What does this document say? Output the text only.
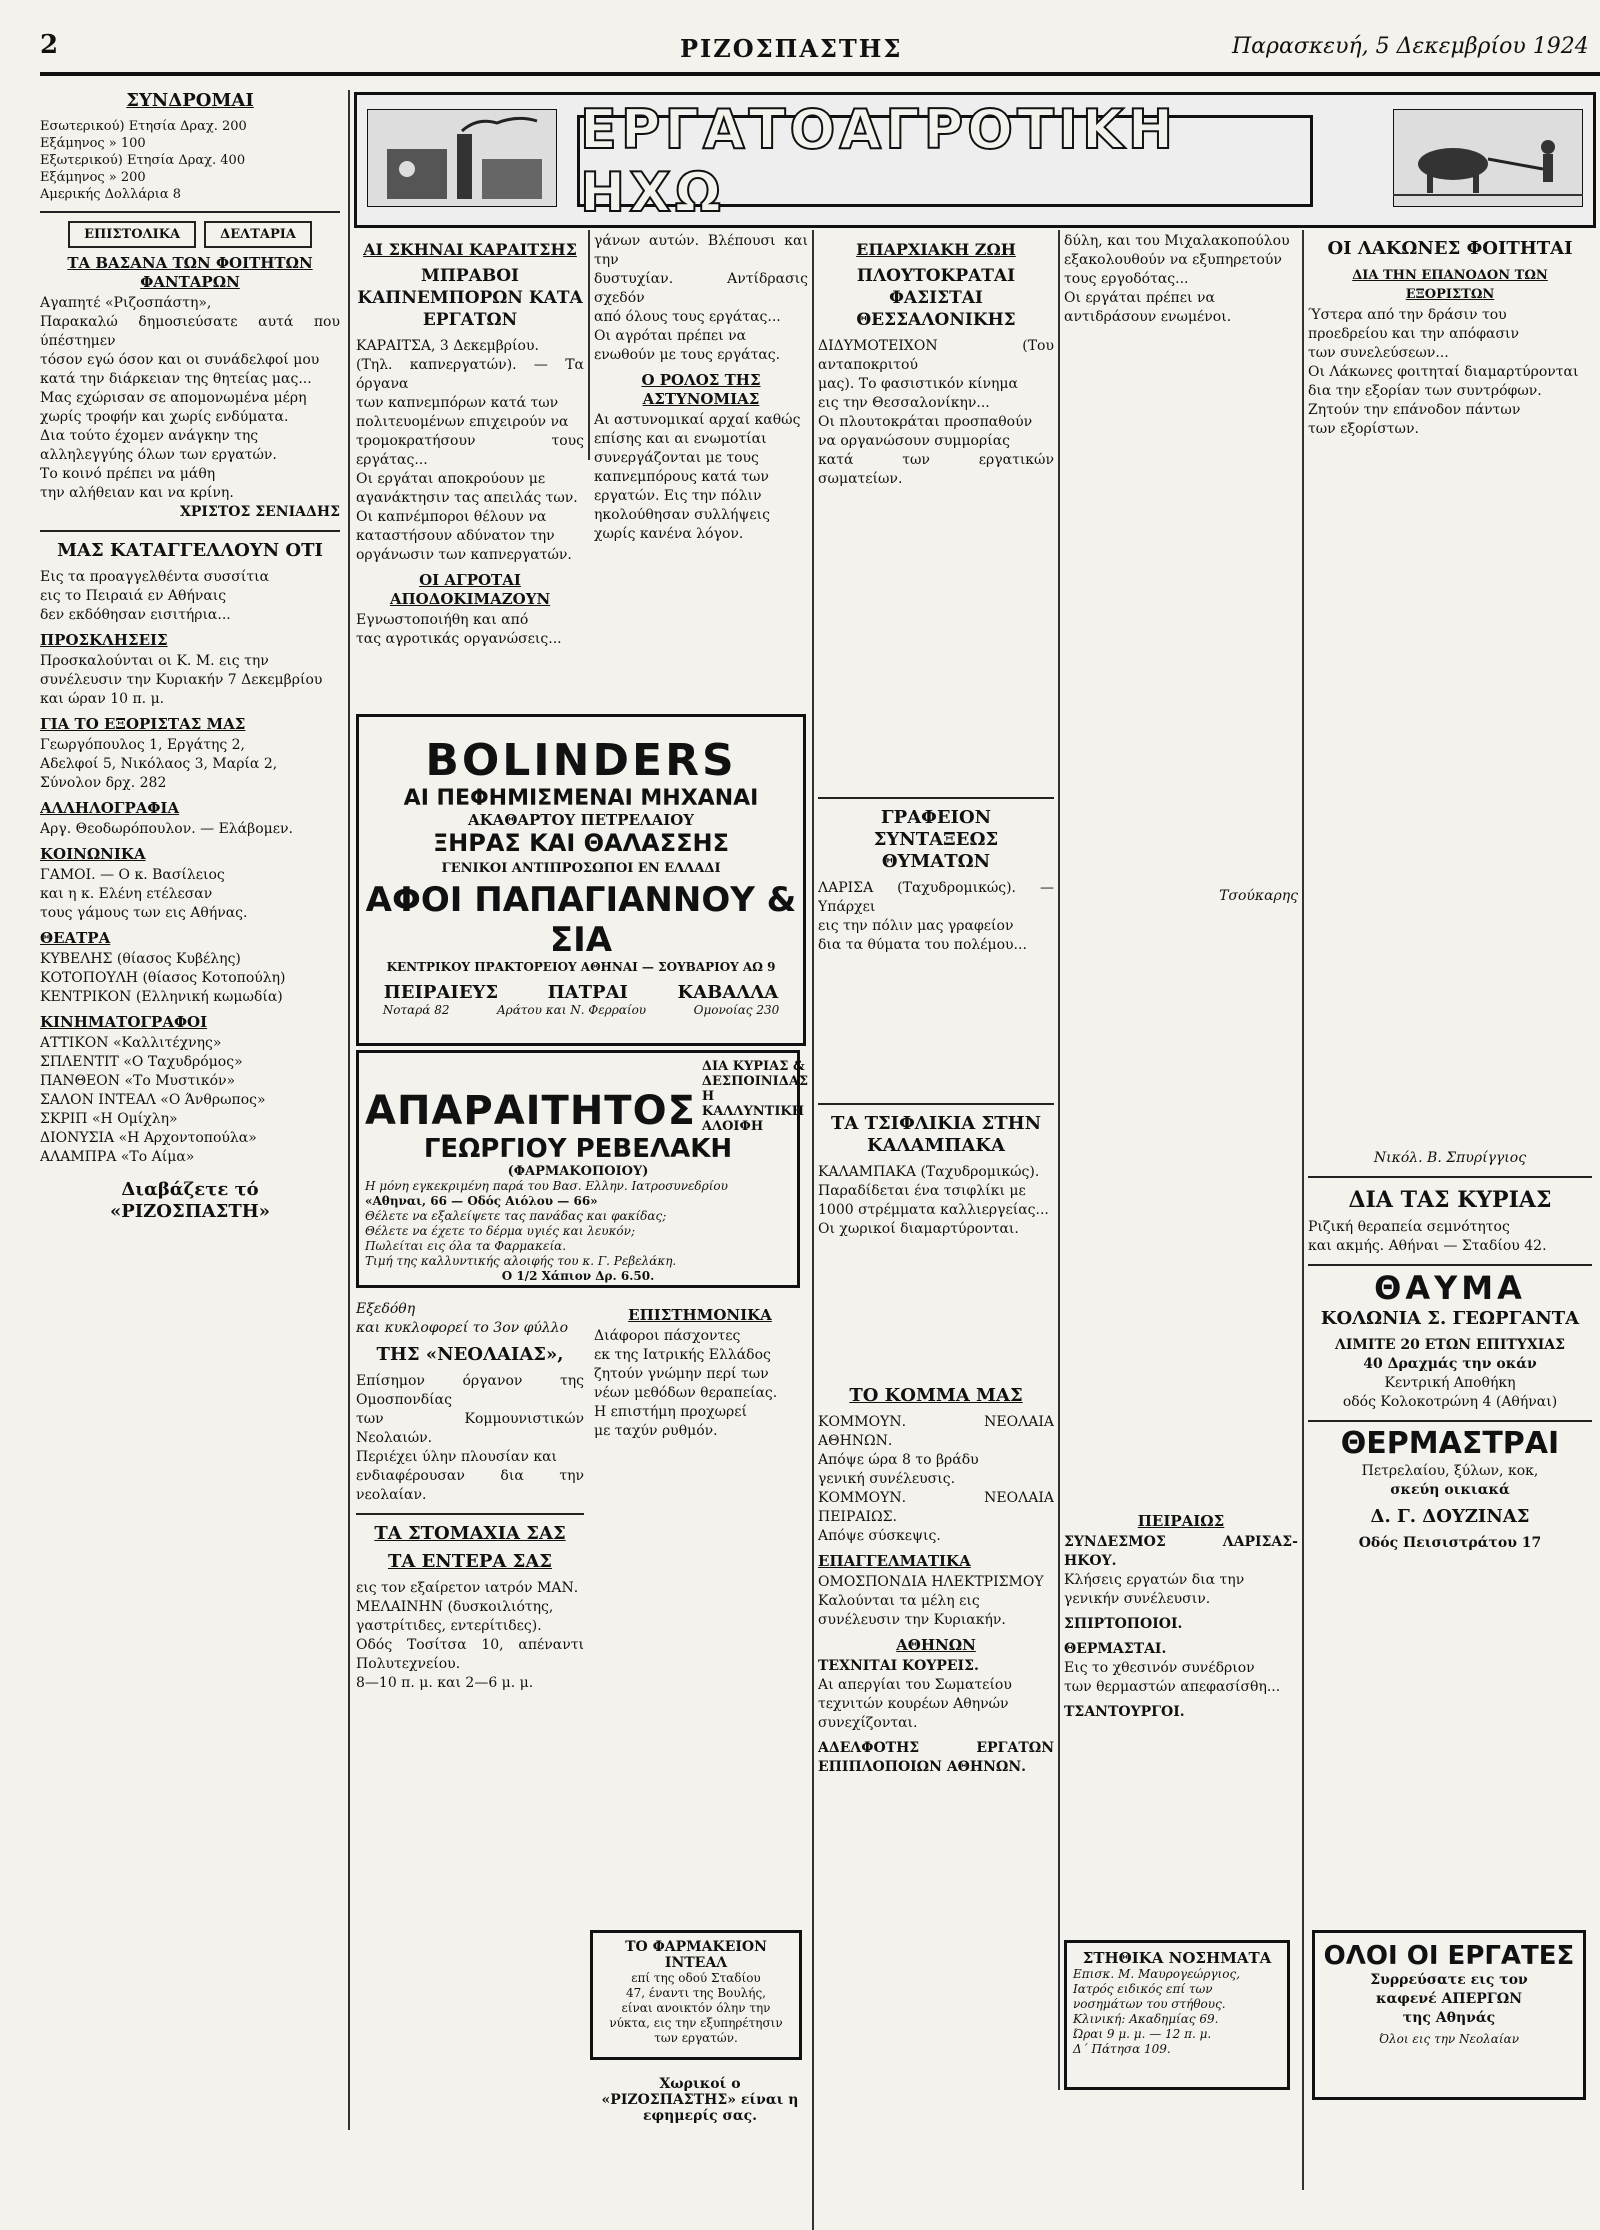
2	ΡΙΖΟΣΠΑΣΤΗΣ	Παρασκευή, 5 Δεκεμβρίου 1924
ΕΡΓΑΤΟΑΓΡΟΤΙΚΗ ΗΧΩ
ΣΥΝΔΡΟΜΑΙ
Εσωτερικού) Ετησία Δραχ. 200
Εξάμηνος » 100
Εξωτερικού) Ετησία Δραχ. 400
Εξάμηνος » 200
Αμερικής Δολλάρια 8
ΕΠΙΣΤΟΛΙΚΑ	ΔΕΛΤΑΡΙΑ
ΤΑ ΒΑΣΑΝΑ ΤΩΝ ΦΟΙΤΗΤΩΝ ΦΑΝΤΑΡΩΝ
Αγαπητέ «Ριζοσπάστη»,
Παρακαλώ δημοσιεύσατε αυτά που ύπέστημεν
τόσον εγώ όσον και οι συνάδελφοί μου
κατά την διάρκειαν της θητείας μας...
Μας εχώρισαν σε απομονωμένα μέρη
χωρίς τροφήν και χωρίς ενδύματα.
Δια τούτο έχομεν ανάγκην της
αλληλεγγύης όλων των εργατών.
Το κοινό πρέπει να μάθη
την αλήθειαν και να κρίνη.
ΧΡΙΣΤΟΣ ΣΕΝΙΑΔΗΣ
ΜΑΣ ΚΑΤΑΓΓΕΛΛΟΥΝ ΟΤΙ
Εις τα προαγγελθέντα συσσίτια
εις το Πειραιά εν Αθήναις
δεν εκδόθησαν εισιτήρια...
ΠΡΟΣΚΛΗΣΕΙΣ
Προσκαλούνται οι Κ. Μ. εις την
συνέλευσιν την Κυριακήν 7 Δεκεμβρίου
και ώραν 10 π. μ.
ΓΙΑ ΤΟ ΕΞΟΡΙΣΤΑΣ ΜΑΣ
Γεωργόπουλος 1, Εργάτης 2,
Αδελφοί 5, Νικόλαος 3, Μαρία 2,
Σύνολον δρχ. 282
ΑΛΛΗΛΟΓΡΑΦΙΑ
Αργ. Θεοδωρόπουλον. — Ελάβομεν.
ΚΟΙΝΩΝΙΚΑ
ΓΑΜΟΙ. — Ο κ. Βασίλειος
και η κ. Ελένη ετέλεσαν
τους γάμους των εις Αθήνας.
ΘΕΑΤΡΑ
ΚΥΒΕΛΗΣ (θίασος Κυβέλης)
ΚΟΤΟΠΟΥΛΗ (θίασος Κοτοπούλη)
ΚΕΝΤΡΙΚΟΝ (Ελληνική κωμωδία)
ΚΙΝΗΜΑΤΟΓΡΑΦΟΙ
ΑΤΤΙΚΟΝ «Καλλιτέχνης»
ΣΠΛΕΝΤΙΤ «Ο Ταχυδρόμος»
ΠΑΝΘΕΟΝ «Το Μυστικόν»
ΣΑΛΟΝ ΙΝΤΕΑΛ «Ο Άνθρωπος»
ΣΚΡΙΠ «Η Ομίχλη»
ΔΙΟΝΥΣΙΑ «Η Αρχοντοπούλα»
ΑΛΑΜΠΡΑ «Το Αίμα»
Διαβάζετε τό «ΡΙΖΟΣΠΑΣΤΗ»
ΑΙ ΣΚΗΝΑΙ ΚΑΡΑΙΤΣΗΣ
ΜΠΡΑΒΟΙ ΚΑΠΝΕΜΠΟΡΩΝ ΚΑΤΑ ΕΡΓΑΤΩΝ
ΚΑΡΑΙΤΣΑ, 3 Δεκεμβρίου.
(Τηλ. καπνεργατών). — Τα όργανα
των καπνεμπόρων κατά των
πολιτευομένων επιχειρούν να
τρομοκρατήσουν τους εργάτας...
Οι εργάται αποκρούουν με
αγανάκτησιν τας απειλάς των.
Οι καπνέμποροι θέλουν να
καταστήσουν αδύνατον την
οργάνωσιν των καπνεργατών.
ΟΙ ΑΓΡΟΤΑΙ ΑΠΟΔΟΚΙΜΑΖΟΥΝ
Εγνωστοποιήθη και από
τας αγροτικάς οργανώσεις...
γάνων αυτών. Βλέπουσι και την
δυστυχίαν. Αντίδρασις σχεδόν
από όλους τους εργάτας...
Οι αγρόται πρέπει να
ενωθούν με τους εργάτας.
Ο ΡΟΛΟΣ ΤΗΣ ΑΣΤΥΝΟΜΙΑΣ
Αι αστυνομικαί αρχαί καθώς
επίσης και αι ενωμοτίαι
συνεργάζονται με τους
καπνεμπόρους κατά των
εργατών. Εις την πόλιν
ηκολούθησαν συλλήψεις
χωρίς κανένα λόγον.
BOLINDERS
ΑΙ ΠΕΦΗΜΙΣΜΕΝΑΙ ΜΗΧΑΝΑΙ
ΑΚΑΘΑΡΤΟΥ ΠΕΤΡΕΛΑΙΟΥ
ΞΗΡΑΣ ΚΑΙ ΘΑΛΑΣΣΗΣ
ΓΕΝΙΚΟΙ ΑΝΤΙΠΡΟΣΩΠΟΙ ΕΝ ΕΛΛΑΔΙ
ΑΦΟΙ ΠΑΠΑΓΙΑΝΝΟΥ & ΣΙΑ
ΚΕΝΤΡΙΚΟΥ ΠΡΑΚΤΟΡΕΙΟΥ ΑΘΗΝΑΙ — ΣΟΥΒΑΡΙΟΥ ΑΩ 9
ΠΕΙΡΑΙΕΥΣ	ΠΑΤΡΑΙ	ΚΑΒΑΛΛΑ
Νοταρά 82	Αράτου και Ν. Φερραίου	Ομονοίας 230
ΑΠΑΡΑΙΤΗΤΟΣ
ΔΙΑ ΚΥΡΙΑΣ & ΔΕΣΠΟΙΝΙΔΑΣ
Η ΚΑΛΛΥΝΤΙΚΗ ΑΛΟΙΦΗ
ΓΕΩΡΓΙΟΥ ΡΕΒΕΛΑΚΗ
(ΦΑΡΜΑΚΟΠΟΙΟΥ)
Η μόνη εγκεκριμένη παρά του Βασ. Ελλην. Ιατροσυνεδρίου
«Αθηναι, 66 — Οδός Αιόλου — 66»
Θέλετε να εξαλείψετε τας πανάδας και φακίδας;
Θέλετε να έχετε το δέρμα υγιές και λευκόν;
Πωλείται εις όλα τα Φαρμακεία.
Τιμή της καλλυντικής αλοιφής του κ. Γ. Ρεβελάκη.
Ο 1/2 Χάπιον Δρ. 6.50.
Εξεδόθη
και κυκλοφορεί το 3ον φύλλο
ΤΗΣ «ΝΕΟΛΑΙΑΣ»,
Επίσημον όργανον της Ομοσπονδίας
των Κομμουνιστικών Νεολαιών.
Περιέχει ύλην πλουσίαν και
ενδιαφέρουσαν δια την νεολαίαν.
ΤΑ ΣΤΟΜΑΧΙΑ ΣΑΣ
ΤΑ ΕΝΤΕΡΑ ΣΑΣ
εις τον εξαίρετον ιατρόν ΜΑΝ.
ΜΕΛΑΙΝΗΝ (δυσκοιλιότης,
γαστρίτιδες, εντερίτιδες).
Οδός Τοσίτσα 10, απέναντι Πολυτεχνείου.
8—10 π. μ. και 2—6 μ. μ.
ΕΠΙΣΤΗΜΟΝΙΚΑ
Διάφοροι πάσχοντες
εκ της Ιατρικής Ελλάδος
ζητούν γνώμην περί των
νέων μεθόδων θεραπείας.
Η επιστήμη προχωρεί
με ταχύν ρυθμόν.
ΤΟ ΦΑΡΜΑΚΕΙΟΝ ΙΝΤΕΑΛ
επί της οδού Σταδίου
47, έναντι της Βουλής,
είναι ανοικτόν όλην την
νύκτα, εις την εξυπηρέτησιν
των εργατών.
Χωρικοί ο «ΡΙΖΟΣΠΑΣΤΗΣ» είναι η εφημερίς σας.
ΕΠΑΡΧΙΑΚΗ ΖΩΗ
ΠΛΟΥΤΟΚΡΑΤΑΙ ΦΑΣΙΣΤΑΙ ΘΕΣΣΑΛΟΝΙΚΗΣ
ΔΙΔΥΜΟΤΕΙΧΟΝ (Του ανταποκριτού
μας). Το φασιστικόν κίνημα
εις την Θεσσαλονίκην...
Οι πλουτοκράται προσπαθούν
να οργανώσουν συμμορίας
κατά των εργατικών σωματείων.
ΓΡΑΦΕΙΟΝ ΣΥΝΤΑΞΕΩΣ ΘΥΜΑΤΩΝ
ΛΑΡΙΣΑ (Ταχυδρομικώς). — Υπάρχει
εις την πόλιν μας γραφείον
δια τα θύματα του πολέμου...
ΤΑ ΤΣΙΦΛΙΚΙΑ ΣΤΗΝ ΚΑΛΑΜΠΑΚΑ
ΚΑΛΑΜΠΑΚΑ (Ταχυδρομικώς).
Παραδίδεται ένα τσιφλίκι με
1000 στρέμματα καλλιεργείας...
Οι χωρικοί διαμαρτύρονται.
ΤΟ ΚΟΜΜΑ ΜΑΣ
ΚΟΜΜΟΥΝ. ΝΕΟΛΑΙΑ ΑΘΗΝΩΝ.
Απόψε ώρα 8 το βράδυ
γενική συνέλευσις.
ΚΟΜΜΟΥΝ. ΝΕΟΛΑΙΑ ΠΕΙΡΑΙΩΣ.
Απόψε σύσκεψις.
ΕΠΑΓΓΕΛΜΑΤΙΚΑ
ΟΜΟΣΠΟΝΔΙΑ ΗΛΕΚΤΡΙΣΜΟΥ
Καλούνται τα μέλη εις
συνέλευσιν την Κυριακήν.
ΑΘΗΝΩΝ
ΤΕΧΝΙΤΑΙ ΚΟΥΡΕΙΣ.
Αι απεργίαι του Σωματείου
τεχνιτών κουρέων Αθηνών
συνεχίζονται.
ΑΔΕΛΦΟΤΗΣ ΕΡΓΑΤΩΝ ΕΠΙΠΛΟΠΟΙΩΝ ΑΘΗΝΩΝ.
δύλη, και του Μιχαλακοπούλου
εξακολουθούν να εξυπηρετούν
τους εργοδότας...
Οι εργάται πρέπει να
αντιδράσουν ενωμένοι.
Τσούκαρης
ΠΕΙΡΑΙΩΣ
ΣΥΝΔΕΣΜΟΣ ΛΑΡΙΣΑΣ-ΗΚΟΥ.
Κλήσεις εργατών δια την
γενικήν συνέλευσιν.
ΣΠΙΡΤΟΠΟΙΟΙ.
ΘΕΡΜΑΣΤΑΙ.
Εις το χθεσινόν συνέδριον
των θερμαστών απεφασίσθη...
ΤΣΑΝΤΟΥΡΓΟΙ.
ΣΤΗΘΙΚΑ ΝΟΣΗΜΑΤΑ
Επισκ. Μ. Μαυρογεώργιος,
Ιατρός ειδικός επί των
νοσημάτων του στήθους.
Κλινική: Ακαδημίας 69.
Ώραι 9 μ. μ. — 12 π. μ.
Δ΄ Πάτησα 109.
ΟΙ ΛΑΚΩΝΕΣ ΦΟΙΤΗΤΑΙ
ΔΙΑ ΤΗΝ ΕΠΑΝΟΔΟΝ ΤΩΝ ΕΞΟΡΙΣΤΩΝ
Ύστερα από την δράσιν του
προεδρείου και την απόφασιν
των συνελεύσεων...
Οι Λάκωνες φοιτηταί διαμαρτύρονται
δια την εξορίαν των συντρόφων.
Ζητούν την επάνοδον πάντων
των εξορίστων.
Νικόλ. Β. Σπυρίγγιος
ΔΙΑ ΤΑΣ ΚΥΡΙΑΣ
Ριζική θεραπεία σεμνότητος
και ακμής. Αθήναι — Σταδίου 42.
ΘΑΥΜΑ
ΚΟΛΩΝΙΑ Σ. ΓΕΩΡΓΑΝΤΑ
ΛΙΜΙΤΕ 20 ΕΤΩΝ ΕΠΙΤΥΧΙΑΣ
40 Δραχμάς την οκάν
Κεντρική Αποθήκη
οδός Κολοκοτρώνη 4 (Αθήναι)
ΘΕΡΜΑΣΤΡΑΙ
Πετρελαίου, ξύλων, κοκ,
σκεύη οικιακά
Δ. Γ. ΔΟΥΖΙΝΑΣ
Οδός Πεισιστράτου 17
ΟΛΟΙ ΟΙ ΕΡΓΑΤΕΣ
Συρρεύσατε εις τον
καφενέ ΑΠΕΡΓΩΝ
της Αθηνάς
Όλοι εις την Νεολαίαν
